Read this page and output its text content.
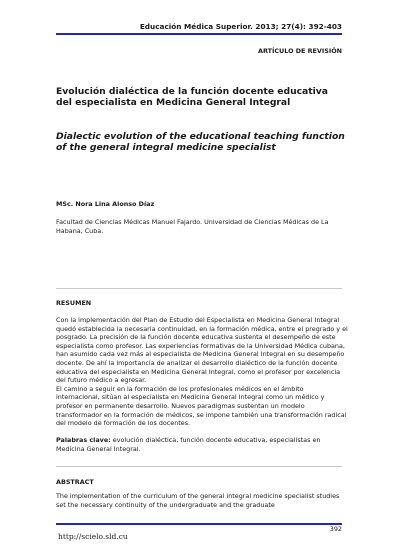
Educación Médica Superior. 2013; 27(4): 392-403
ARTÍCULO DE REVISIÓN
Evolución dialéctica de la función docente educativa del especialista en Medicina General Integral
Dialectic evolution of the educational teaching function of the general integral medicine specialist
MSc. Nora Lina Alonso Díaz
Facultad de Ciencias Médicas Manuel Fajardo. Universidad de Ciencias Médicas de La Habana, Cuba.
RESUMEN

Con la implementación del Plan de Estudio del Especialista en Medicina General Integral quedó establecida la necesaria continuidad, en la formación médica, entre el pregrado y el posgrado. La precisión de la función docente educativa sustenta el desempeño de este especialista como profesor. Las experiencias formativas de la Universidad Médica cubana, han asumido cada vez más al especialista de Medicina General Integral en su desempeño docente. De ahí la importancia de analizar el desarrollo dialéctico de la función docente educativa del especialista en Medicina General Integral, como el profesor por excelencia del futuro médico a egresar.

El camino a seguir en la formación de los profesionales médicos en el ámbito internacional, sitúan al especialista en Medicina General Integral como un médico y profesor en permanente desarrollo. Nuevos paradigmas sustentan un modelo transformador en la formación de médicos, se impone también una transformación radical del modelo de formación de los docentes.

Palabras clave: evolución dialéctica, función docente educativa, especialistas en Medicina General Integral.
ABSTRACT
The implementation of the curriculum of the general integral medicine specialist studies set the necessary continuity of the undergraduate and the graduate
392
http://scielo.sld.cu
